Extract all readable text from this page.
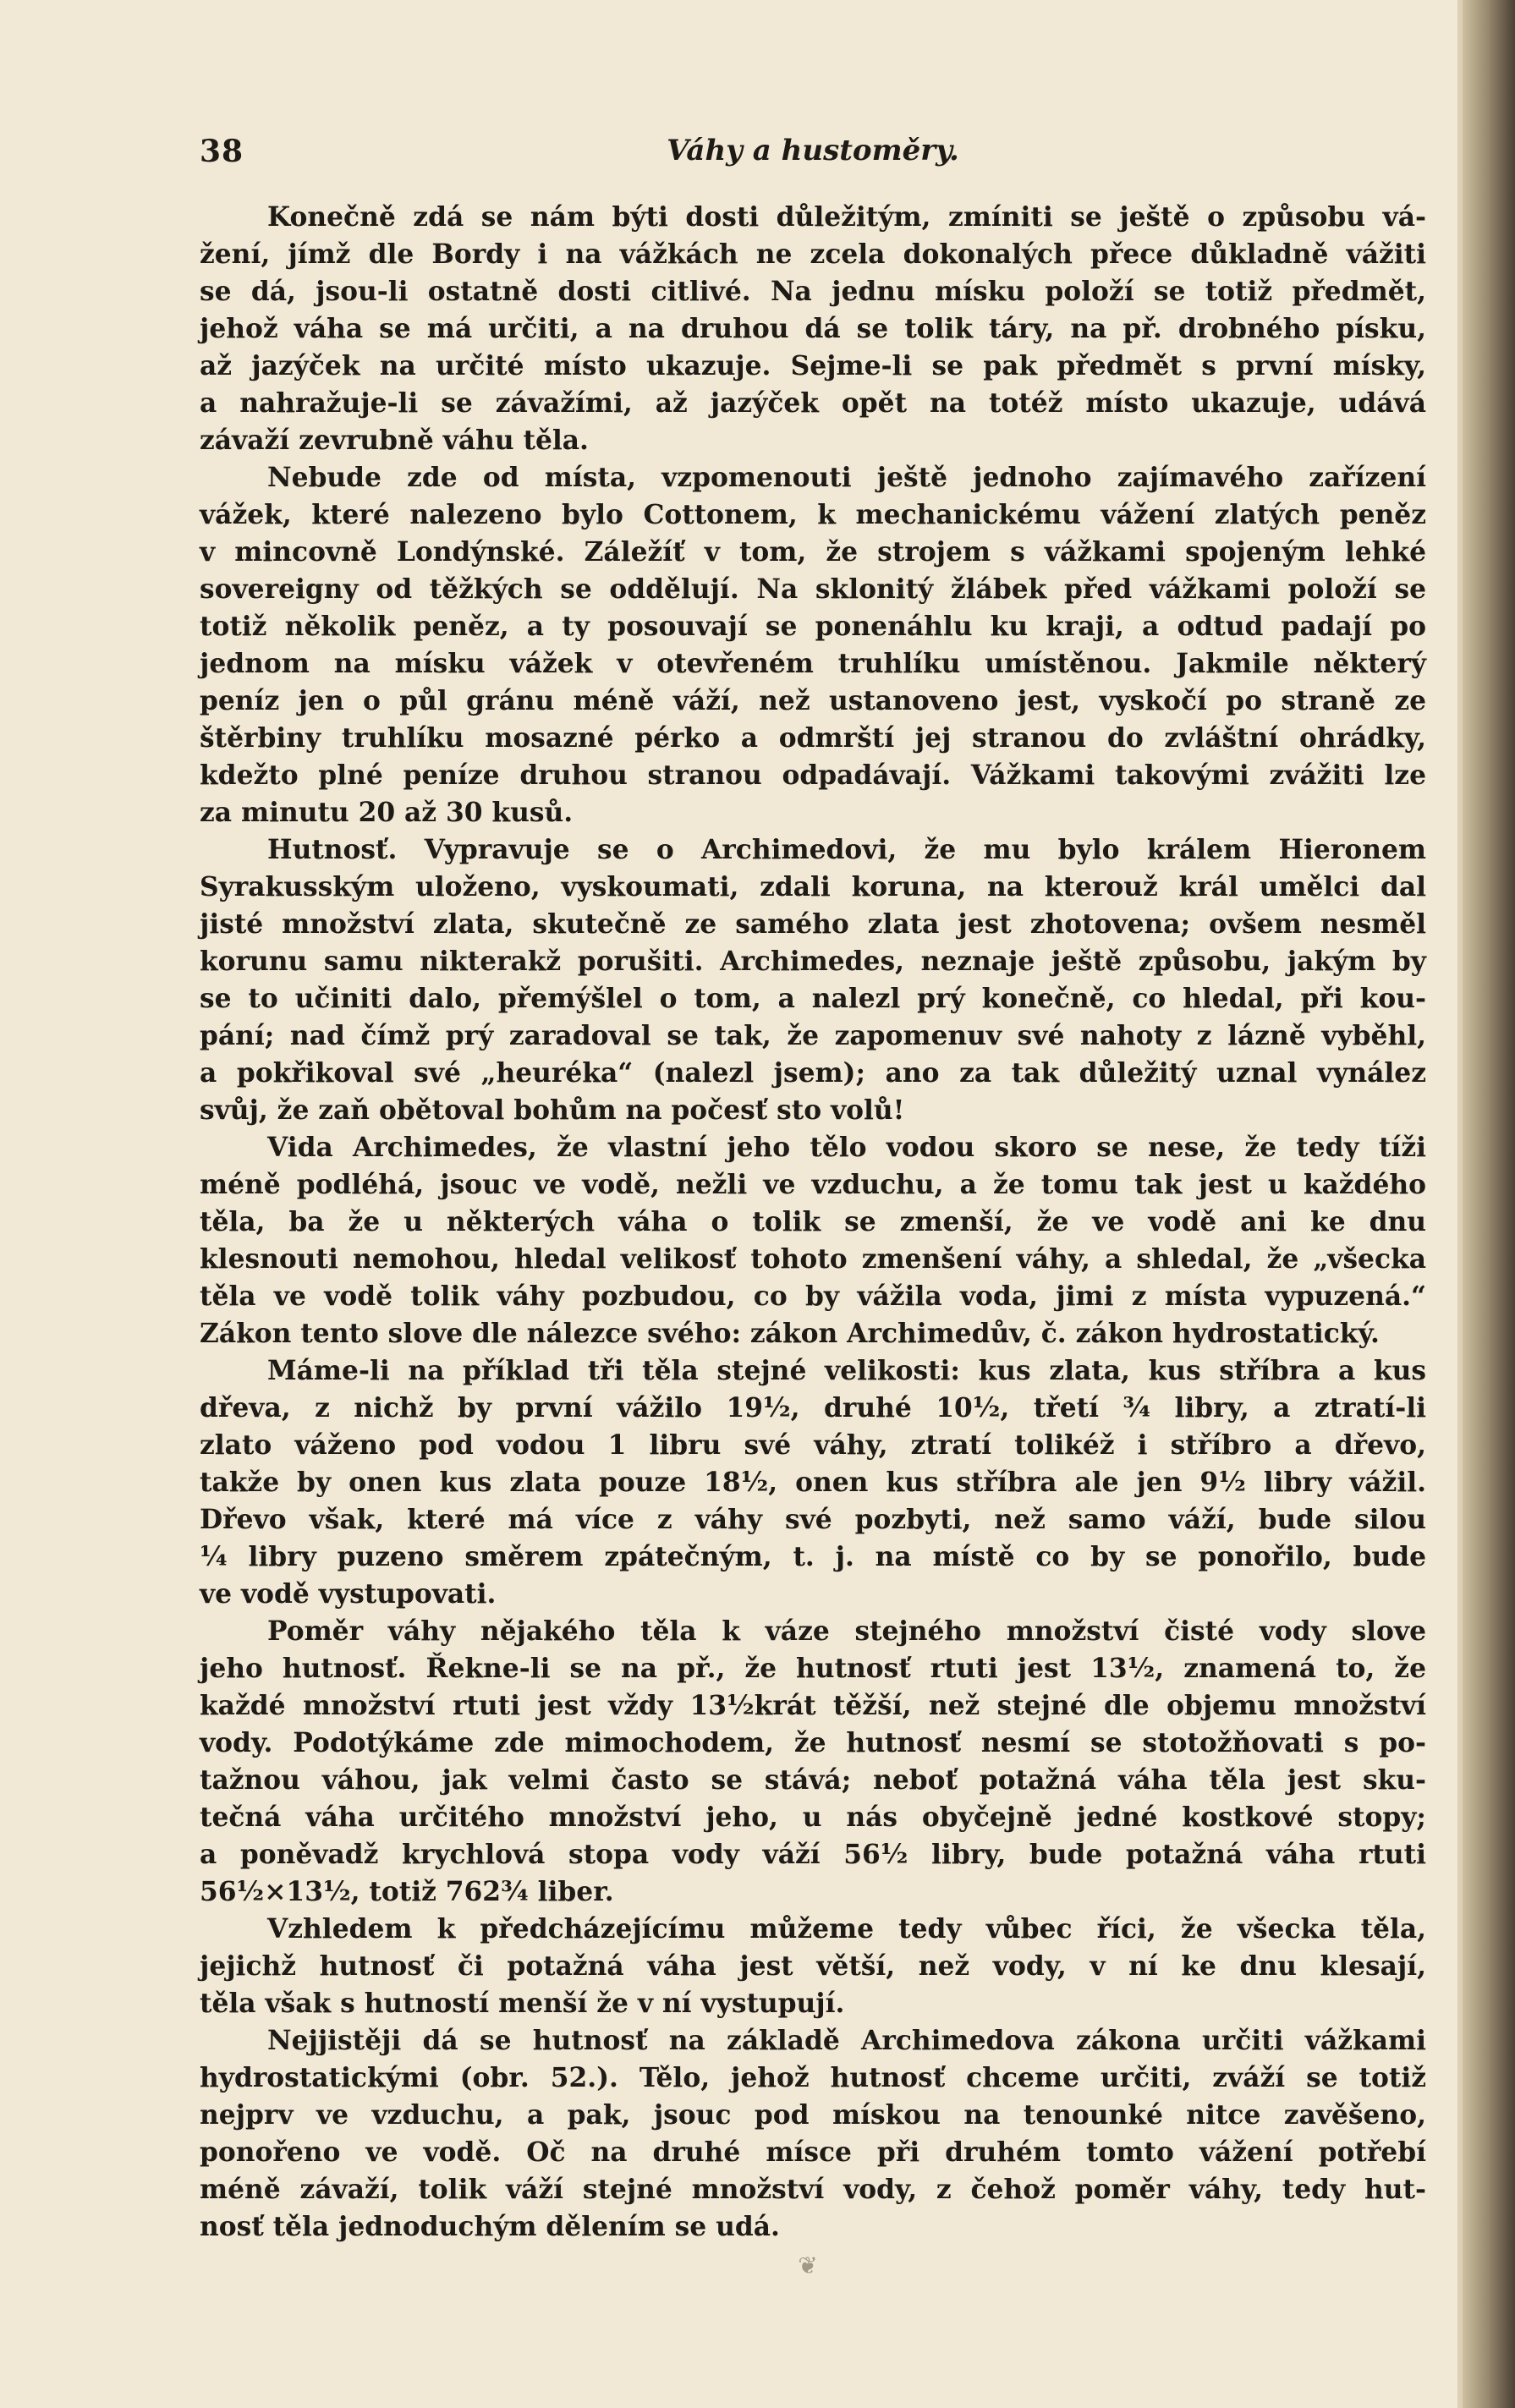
38	Váhy a hustoměry.
Konečně zdá se nám býti dosti důležitým, zmíniti se ještě o způsobu vá-
žení, jímž dle Bordy i na vážkách ne zcela dokonalých přece důkladně vážiti
se dá, jsou-li ostatně dosti citlivé. Na jednu mísku položí se totiž předmět,
jehož váha se má určiti, a na druhou dá se tolik táry, na př. drobného písku,
až jazýček na určité místo ukazuje. Sejme-li se pak předmět s první mísky,
a nahražuje-li se závažími, až jazýček opět na totéž místo ukazuje, udává
závaží zevrubně váhu těla.
Nebude zde od místa, vzpomenouti ještě jednoho zajímavého zařízení
vážek, které nalezeno bylo Cottonem, k mechanickému vážení zlatých peněz
v mincovně Londýnské. Záležíť v tom, že strojem s vážkami spojeným lehké
sovereigny od těžkých se oddělují. Na sklonitý žlábek před vážkami položí se
totiž několik peněz, a ty posouvají se ponenáhlu ku kraji, a odtud padají po
jednom na mísku vážek v otevřeném truhlíku umístěnou. Jakmile některý
peníz jen o půl gránu méně váží, než ustanoveno jest, vyskočí po straně ze
štěrbiny truhlíku mosazné pérko a odmrští jej stranou do zvláštní ohrádky,
kdežto plné peníze druhou stranou odpadávají. Vážkami takovými zvážiti lze
za minutu 20 až 30 kusů.
Hutnosť. Vypravuje se o Archimedovi, že mu bylo králem Hieronem
Syrakusským uloženo, vyskoumati, zdali koruna, na kterouž král umělci dal
jisté množství zlata, skutečně ze samého zlata jest zhotovena; ovšem nesměl
korunu samu nikterakž porušiti. Archimedes, neznaje ještě způsobu, jakým by
se to učiniti dalo, přemýšlel o tom, a nalezl prý konečně, co hledal, při kou-
pání; nad čímž prý zaradoval se tak, že zapomenuv své nahoty z lázně vyběhl,
a pokřikoval své „heuréka“ (nalezl jsem); ano za tak důležitý uznal vynález
svůj, že zaň obětoval bohům na počesť sto volů!
Vida Archimedes, že vlastní jeho tělo vodou skoro se nese, že tedy tíži
méně podléhá, jsouc ve vodě, nežli ve vzduchu, a že tomu tak jest u každého
těla, ba že u některých váha o tolik se zmenší, že ve vodě ani ke dnu
klesnouti nemohou, hledal velikosť tohoto zmenšení váhy, a shledal, že „všecka
těla ve vodě tolik váhy pozbudou, co by vážila voda, jimi z místa vypuzená.“
Zákon tento slove dle nálezce svého: zákon Archimedův, č. zákon hydrostatický.
Máme-li na příklad tři těla stejné velikosti: kus zlata, kus stříbra a kus
dřeva, z nichž by první vážilo 19½, druhé 10½, třetí ¾ libry, a ztratí-li
zlato váženo pod vodou 1 libru své váhy, ztratí tolikéž i stříbro a dřevo,
takže by onen kus zlata pouze 18½, onen kus stříbra ale jen 9½ libry vážil.
Dřevo však, které má více z váhy své pozbyti, než samo váží, bude silou
¼ libry puzeno směrem zpátečným, t. j. na místě co by se ponořilo, bude
ve vodě vystupovati.
Poměr váhy nějakého těla k váze stejného množství čisté vody slove
jeho hutnosť. Řekne-li se na př., že hutnosť rtuti jest 13½, znamená to, že
každé množství rtuti jest vždy 13½krát těžší, než stejné dle objemu množství
vody. Podotýkáme zde mimochodem, že hutnosť nesmí se stotožňovati s po-
tažnou váhou, jak velmi často se stává; neboť potažná váha těla jest sku-
tečná váha určitého množství jeho, u nás obyčejně jedné kostkové stopy;
a poněvadž krychlová stopa vody váží 56½ libry, bude potažná váha rtuti
56½×13½, totiž 762¾ liber.
Vzhledem k předcházejícímu můžeme tedy vůbec říci, že všecka těla,
jejichž hutnosť či potažná váha jest větší, než vody, v ní ke dnu klesají,
těla však s hutností menší že v ní vystupují.
Nejjistěji dá se hutnosť na základě Archimedova zákona určiti vážkami
hydrostatickými (obr. 52.). Tělo, jehož hutnosť chceme určiti, zváží se totiž
nejprv ve vzduchu, a pak, jsouc pod mískou na tenounké nitce zavěšeno,
ponořeno ve vodě. Oč na druhé mísce při druhém tomto vážení potřebí
méně závaží, tolik váží stejné množství vody, z čehož poměr váhy, tedy hut-
nosť těla jednoduchým dělením se udá.
❦
